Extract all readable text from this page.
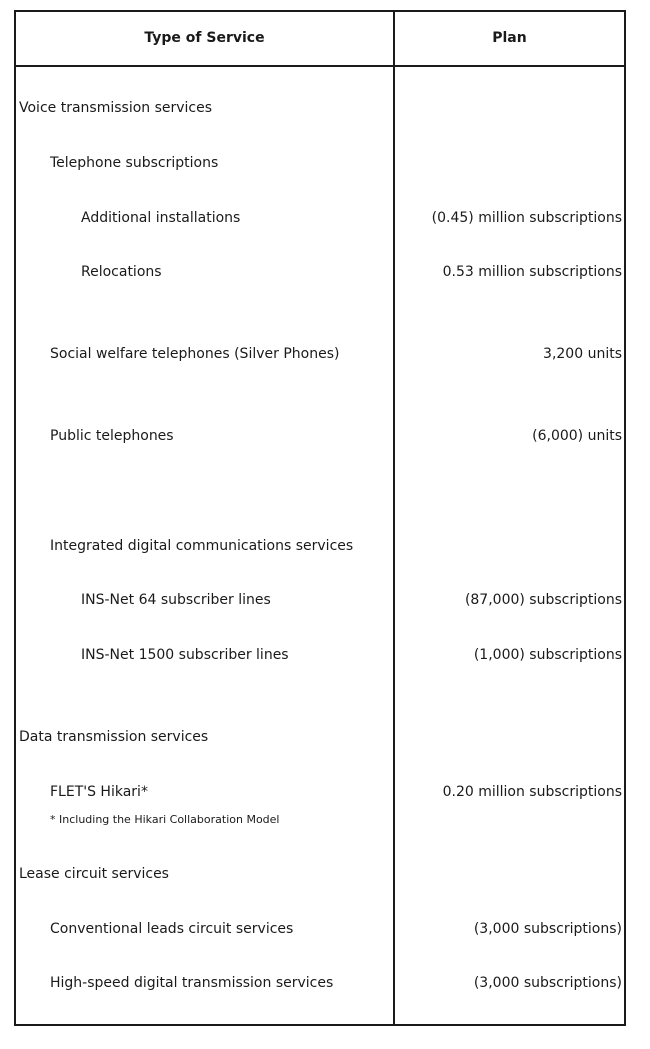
Type of Service	Plan
Voice transmission services
Telephone subscriptions
Additional installations	(0.45) million subscriptions
Relocations	0.53 million subscriptions
Social welfare telephones (Silver Phones)	3,200 units
Public telephones	(6,000) units
Integrated digital communications services
INS-Net 64 subscriber lines	(87,000) subscriptions
INS-Net 1500 subscriber lines	(1,000) subscriptions
Data transmission services
FLET'S Hikari*	0.20 million subscriptions
* Including the Hikari Collaboration Model
Lease circuit services
Conventional leads circuit services	(3,000 subscriptions)
High-speed digital transmission services	(3,000 subscriptions)
